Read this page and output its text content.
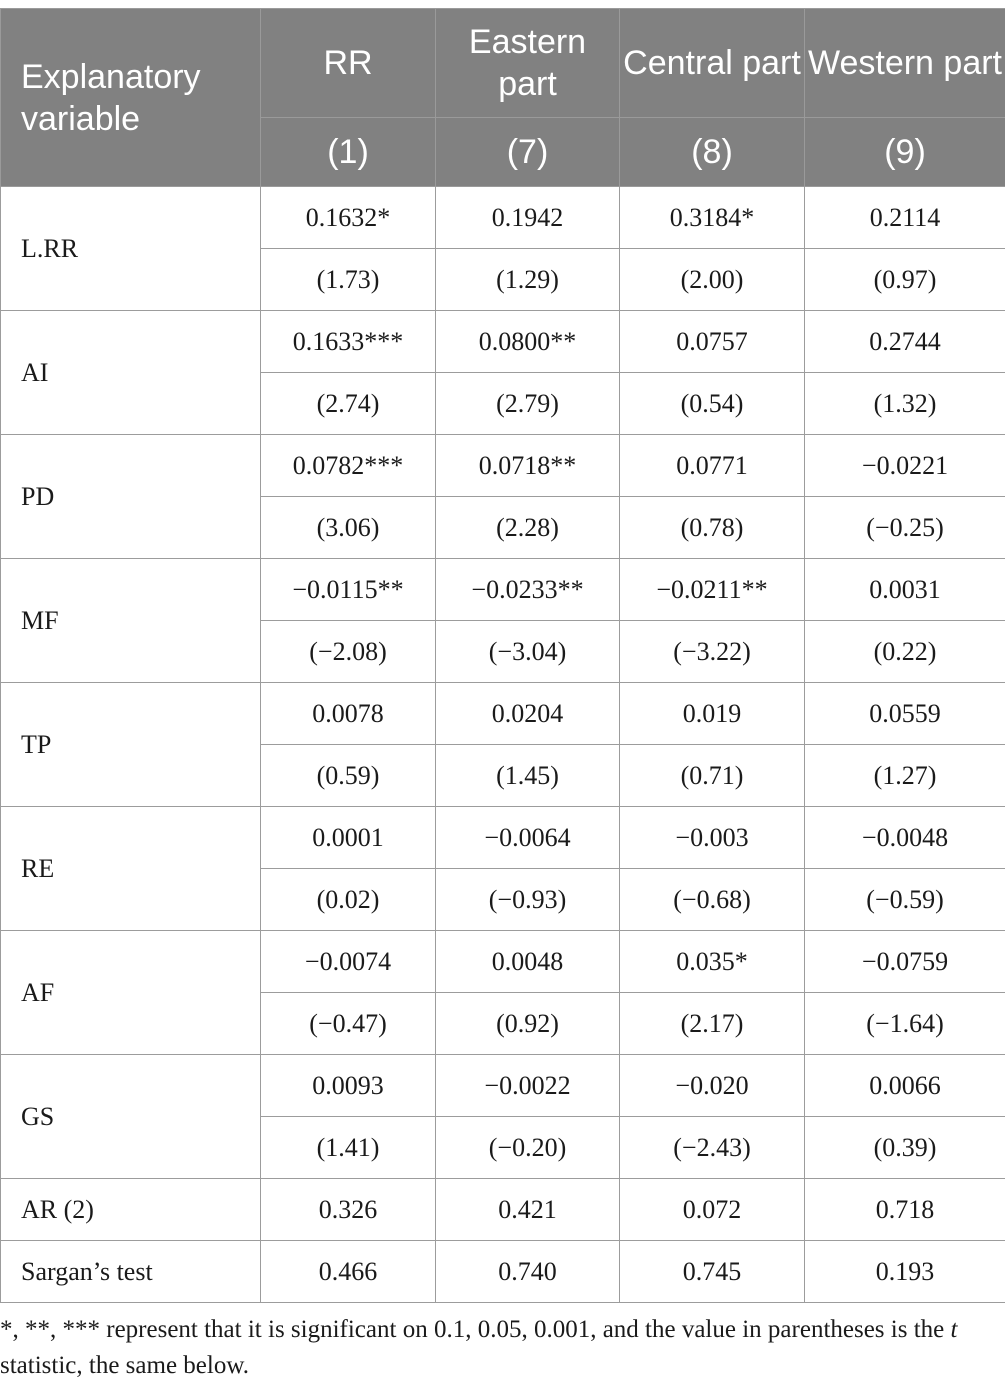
Explanatory variable	RR	Eastern part	Central part	Western part
	(1)	(7)	(8)	(9)
L.RR	0.1632*	0.1942	0.3184*	0.2114
	(1.73)	(1.29)	(2.00)	(0.97)
AI	0.1633***	0.0800**	0.0757	0.2744
	(2.74)	(2.79)	(0.54)	(1.32)
PD	0.0782***	0.0718**	0.0771	−0.0221
	(3.06)	(2.28)	(0.78)	(−0.25)
MF	−0.0115**	−0.0233**	−0.0211**	0.0031
	(−2.08)	(−3.04)	(−3.22)	(0.22)
TP	0.0078	0.0204	0.019	0.0559
	(0.59)	(1.45)	(0.71)	(1.27)
RE	0.0001	−0.0064	−0.003	−0.0048
	(0.02)	(−0.93)	(−0.68)	(−0.59)
AF	−0.0074	0.0048	0.035*	−0.0759
	(−0.47)	(0.92)	(2.17)	(−1.64)
GS	0.0093	−0.0022	−0.020	0.0066
	(1.41)	(−0.20)	(−2.43)	(0.39)
AR (2)	0.326	0.421	0.072	0.718
Sargan’s test	0.466	0.740	0.745	0.193
*, **, *** represent that it is significant on 0.1, 0.05, 0.001, and the value in parentheses is the t statistic, the same below.
